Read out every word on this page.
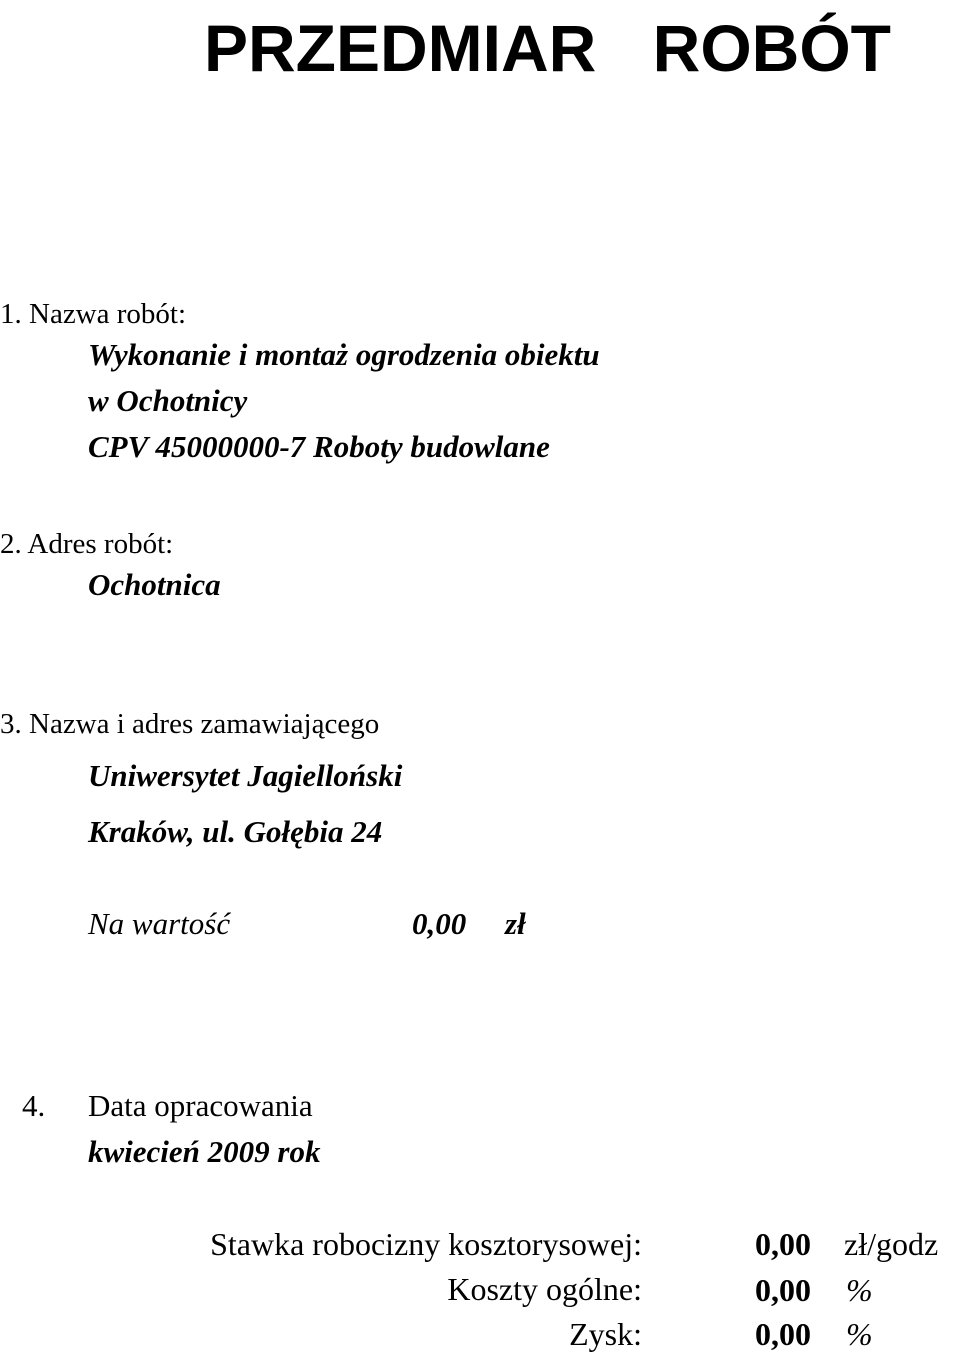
PRZEDMIAR ROBÓT
1. Nazwa robót:
Wykonanie i montaż ogrodzenia obiektu
w Ochotnicy
CPV 45000000-7 Roboty budowlane
2. Adres robót:
Ochotnica
3. Nazwa i adres zamawiającego
Uniwersytet Jagielloński
Kraków, ul. Gołębia 24
Na wartość	0,00 zł
4. Data opracowania
kwiecień 2009 rok
Stawka robocizny kosztorysowej:	0,00 zł/godz
Koszty ogólne:	0,00 %
Zysk:	0,00 %
